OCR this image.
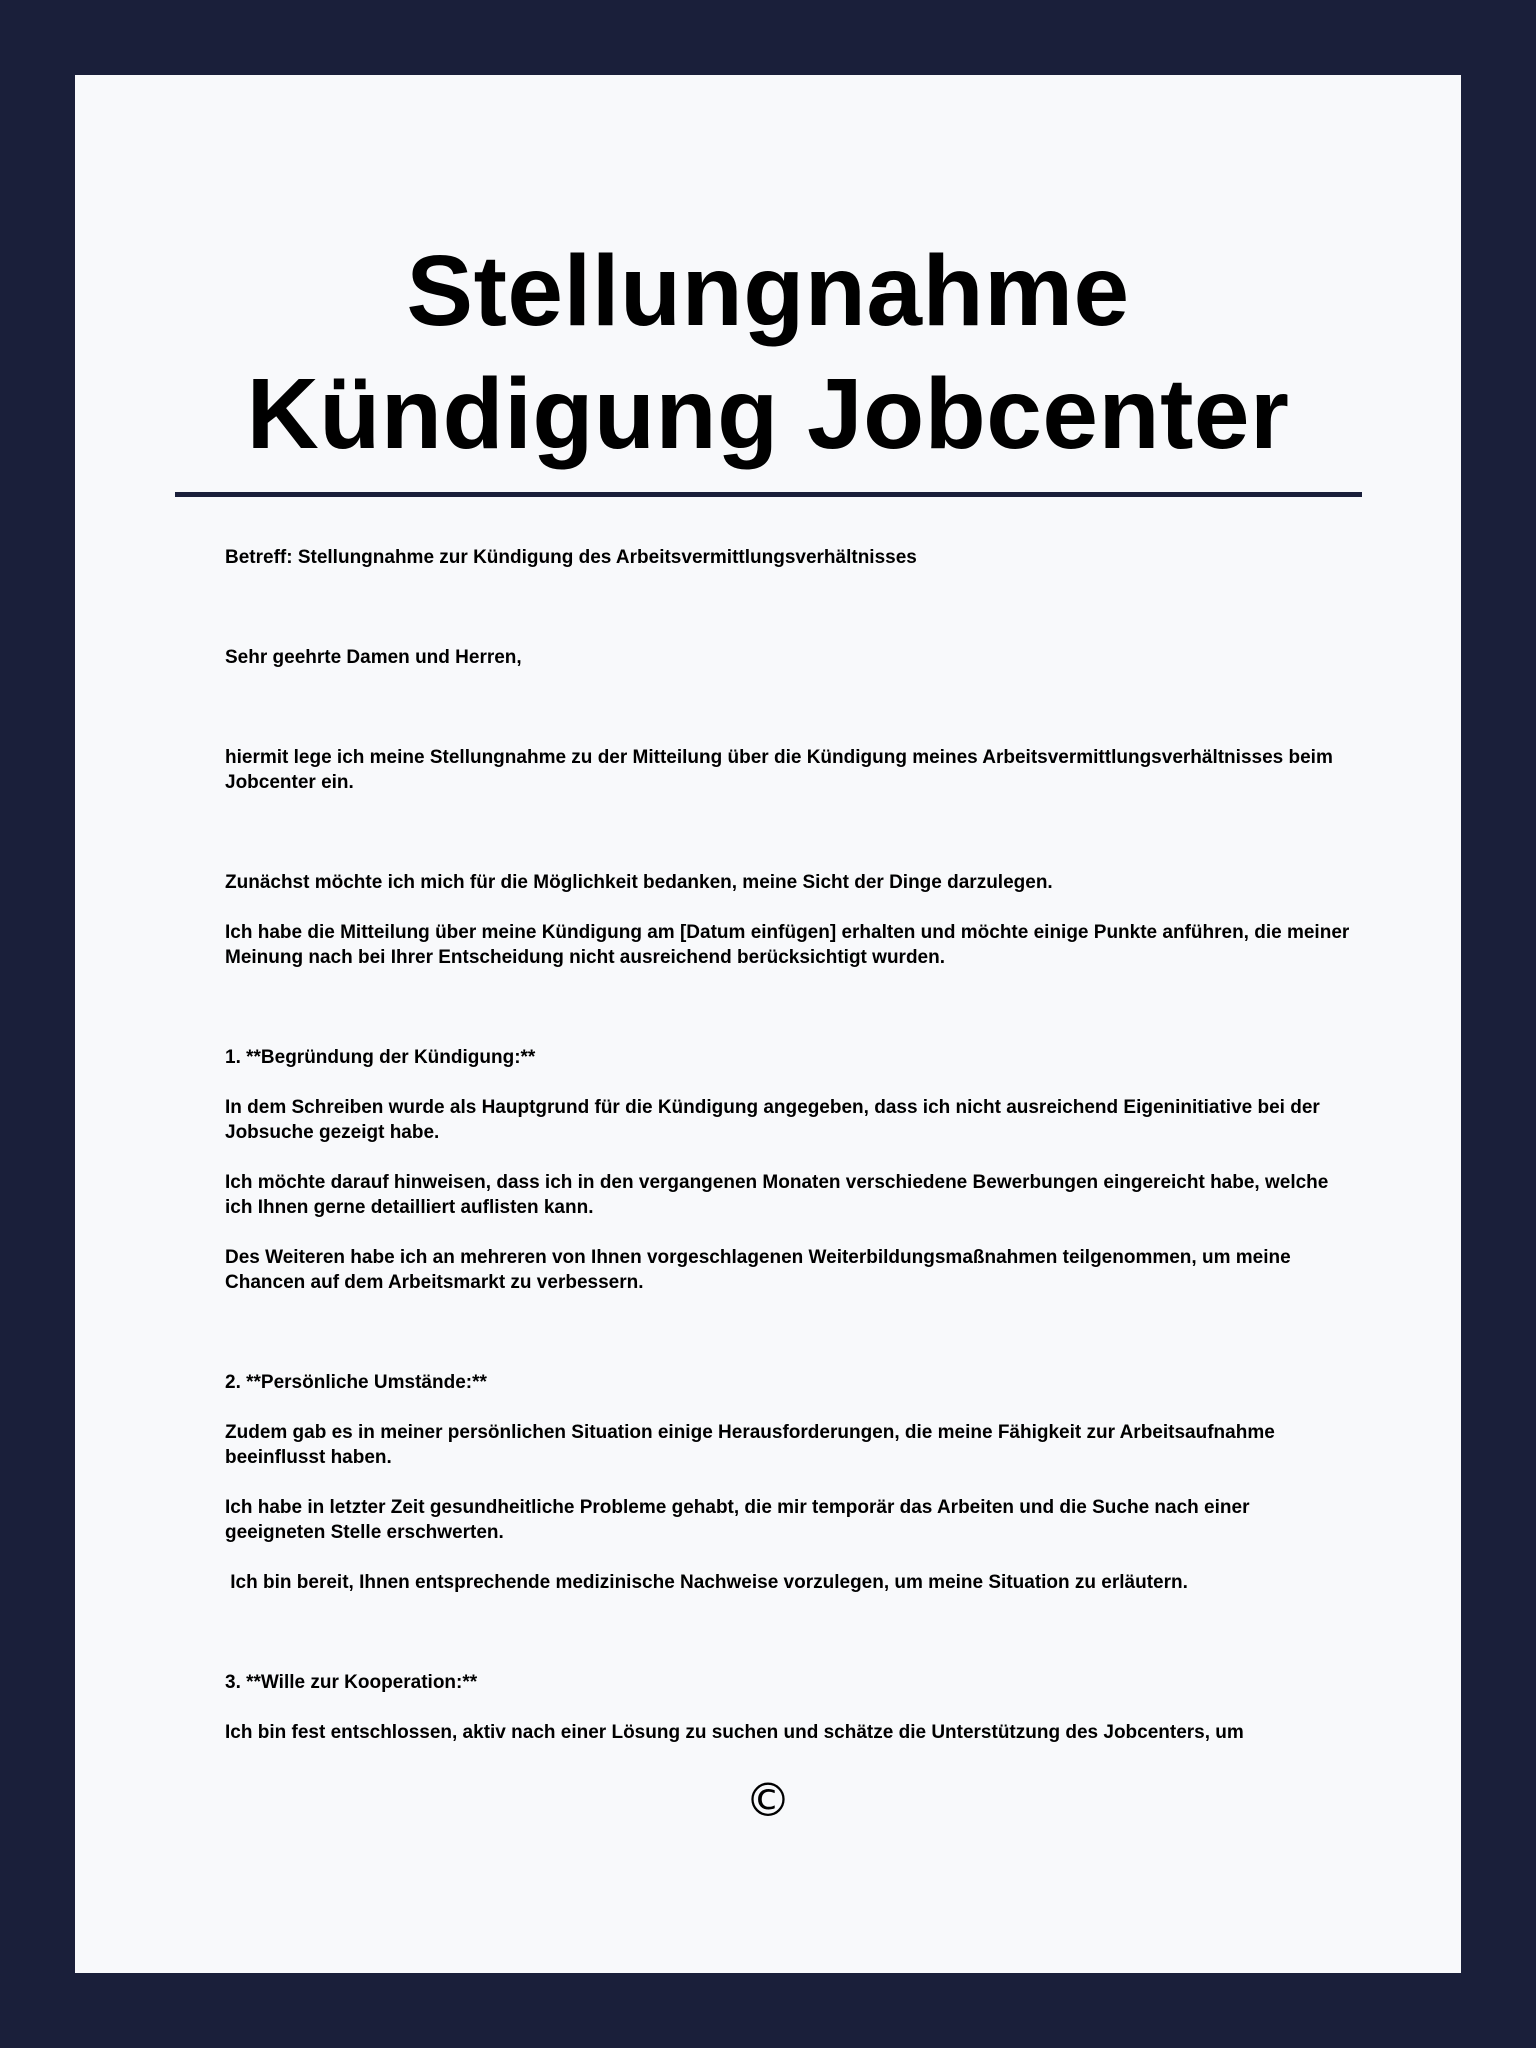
Stellungnahme
Kündigung Jobcenter

Betreff: Stellungnahme zur Kündigung des Arbeitsvermittlungsverhältnisses

Sehr geehrte Damen und Herren,

hiermit lege ich meine Stellungnahme zu der Mitteilung über die Kündigung meines Arbeitsvermittlungsverhältnisses beim Jobcenter ein.

Zunächst möchte ich mich für die Möglichkeit bedanken, meine Sicht der Dinge darzulegen.

Ich habe die Mitteilung über meine Kündigung am [Datum einfügen] erhalten und möchte einige Punkte anführen, die meiner Meinung nach bei Ihrer Entscheidung nicht ausreichend berücksichtigt wurden.

1. **Begründung der Kündigung:**

In dem Schreiben wurde als Hauptgrund für die Kündigung angegeben, dass ich nicht ausreichend Eigeninitiative bei der Jobsuche gezeigt habe.

Ich möchte darauf hinweisen, dass ich in den vergangenen Monaten verschiedene Bewerbungen eingereicht habe, welche ich Ihnen gerne detailliert auflisten kann.

Des Weiteren habe ich an mehreren von Ihnen vorgeschlagenen Weiterbildungsmaßnahmen teilgenommen, um meine Chancen auf dem Arbeitsmarkt zu verbessern.

2. **Persönliche Umstände:**

Zudem gab es in meiner persönlichen Situation einige Herausforderungen, die meine Fähigkeit zur Arbeitsaufnahme beeinflusst haben.

Ich habe in letzter Zeit gesundheitliche Probleme gehabt, die mir temporär das Arbeiten und die Suche nach einer geeigneten Stelle erschwerten.

Ich bin bereit, Ihnen entsprechende medizinische Nachweise vorzulegen, um meine Situation zu erläutern.

3. **Wille zur Kooperation:**

Ich bin fest entschlossen, aktiv nach einer Lösung zu suchen und schätze die Unterstützung des Jobcenters, um

©
